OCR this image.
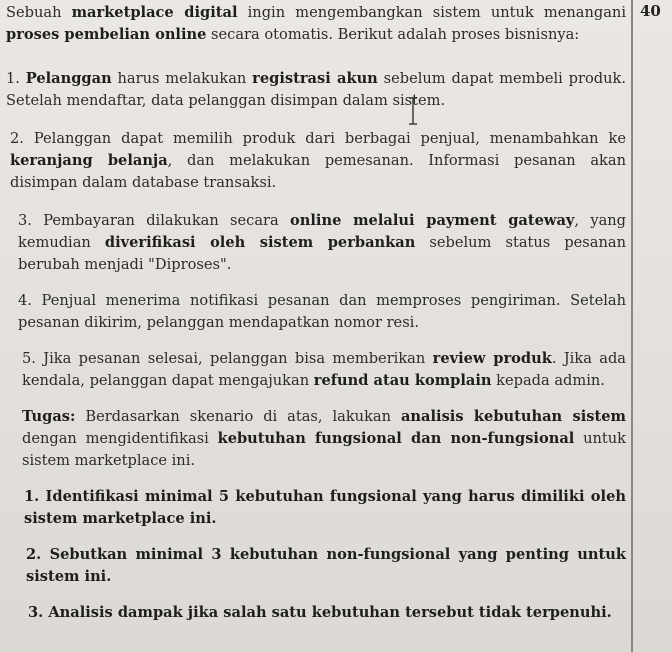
40

Sebuah marketplace digital ingin mengembangkan sistem untuk menangani proses pembelian online secara otomatis. Berikut adalah proses bisnisnya:

1. Pelanggan harus melakukan registrasi akun sebelum dapat membeli produk. Setelah mendaftar, data pelanggan disimpan dalam sistem.

2. Pelanggan dapat memilih produk dari berbagai penjual, menambahkan ke keranjang belanja, dan melakukan pemesanan. Informasi pesanan akan disimpan dalam database transaksi.

3. Pembayaran dilakukan secara online melalui payment gateway, yang kemudian diverifikasi oleh sistem perbankan sebelum status pesanan berubah menjadi "Diproses".

4. Penjual menerima notifikasi pesanan dan memproses pengiriman. Setelah pesanan dikirim, pelanggan mendapatkan nomor resi.

5. Jika pesanan selesai, pelanggan bisa memberikan review produk. Jika ada kendala, pelanggan dapat mengajukan refund atau komplain kepada admin.

Tugas: Berdasarkan skenario di atas, lakukan analisis kebutuhan sistem dengan mengidentifikasi kebutuhan fungsional dan non-fungsional untuk sistem marketplace ini.

1. Identifikasi minimal 5 kebutuhan fungsional yang harus dimiliki oleh sistem marketplace ini.

2. Sebutkan minimal 3 kebutuhan non-fungsional yang penting untuk sistem ini.

3. Analisis dampak jika salah satu kebutuhan tersebut tidak terpenuhi.
